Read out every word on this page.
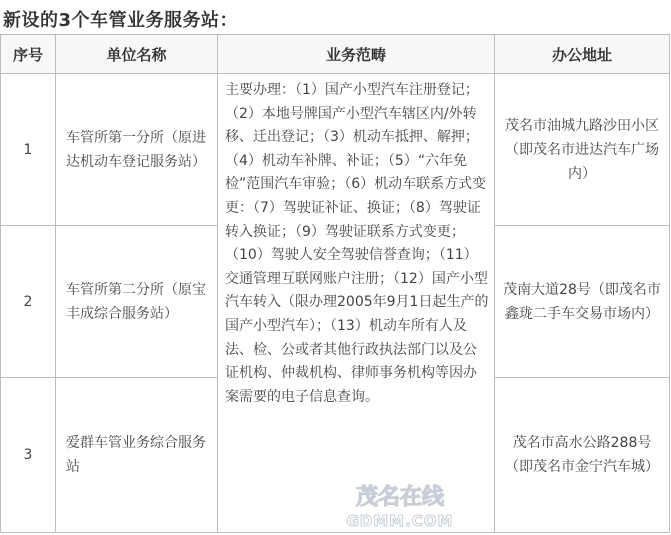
新设的3个车管业务服务站：
序号	单位名称	业务范畴	办公地址
1	车管所第一分所（原进达机动车登记服务站）	主要办理：（1）国产小型汽车注册登记；（2）本地号牌国产小型汽车辖区内/外转移、迁出登记；（3）机动车抵押、解押；（4）机动车补牌、补证；（5）“六年免检”范围汽车审验；（6）机动车联系方式变更：（7）驾驶证补证、换证；（8）驾驶证转入换证；（9）驾驶证联系方式变更；（10）驾驶人安全驾驶信誉查询；（11）交通管理互联网账户注册；（12）国产小型汽车转入（限办理2005年9月1日起生产的国产小型汽车）；（13）机动车所有人及法、检、公或者其他行政执法部门以及公证机构、仲裁机构、律师事务机构等因办案需要的电子信息查询。	茂名市油城九路沙田小区（即茂名市进达汽车广场内）
2	车管所第二分所（原宝丰成综合服务站）		茂南大道28号（即茂名市鑫珑二手车交易市场内）
3	爱群车管业务综合服务站		茂名市高水公路288号（即茂名市金宁汽车城）
茂名在线
GDMM.COM
